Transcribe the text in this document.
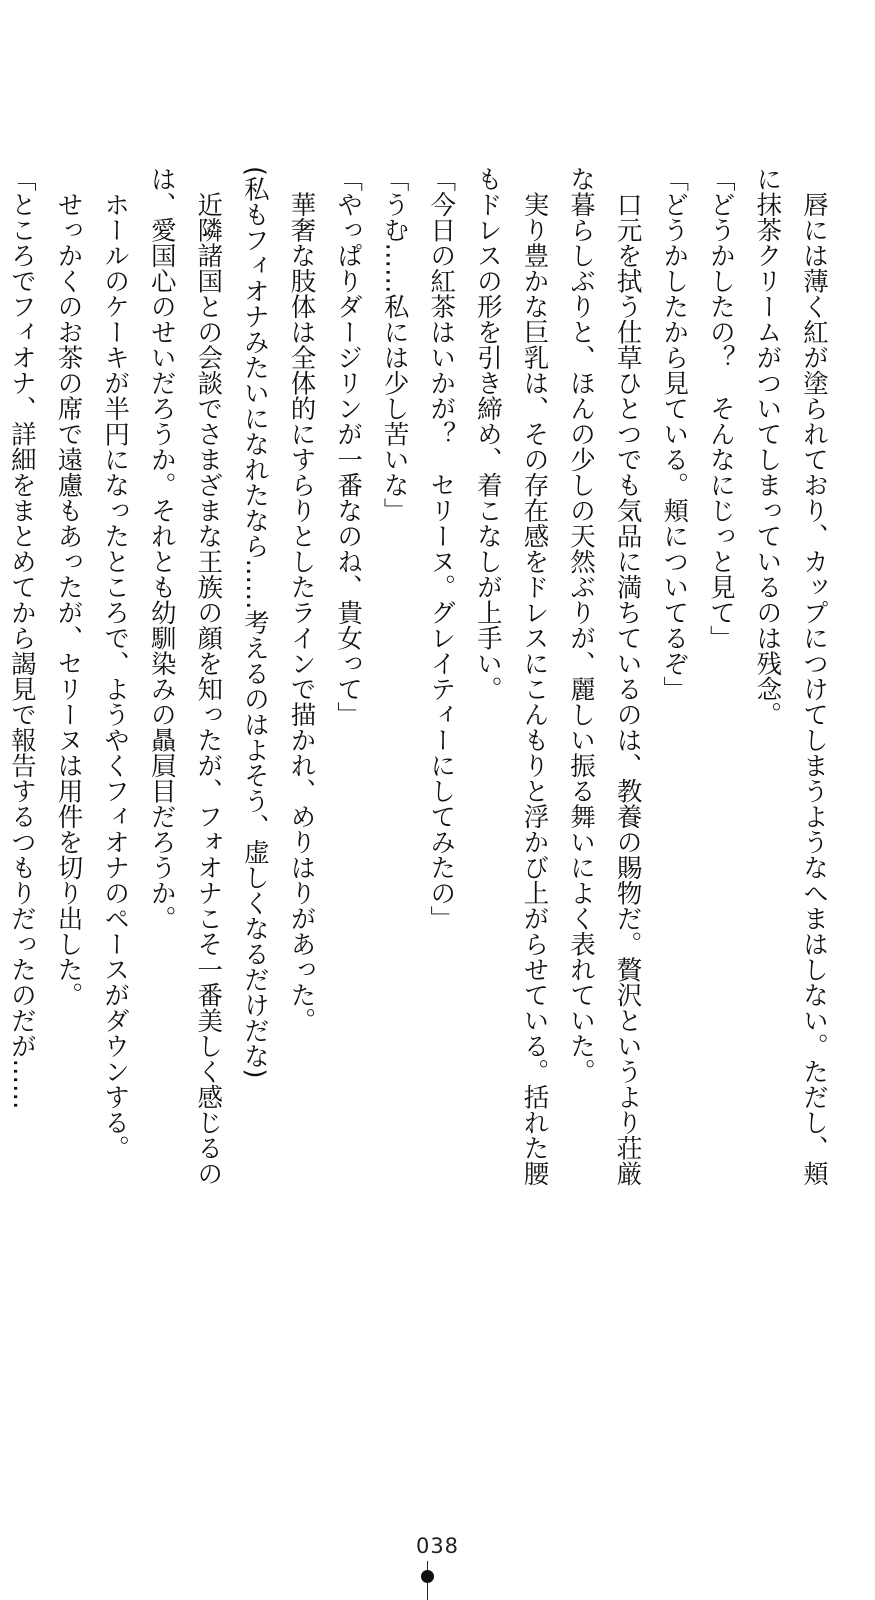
　唇には薄く紅が塗られており、カップにつけてしまうようなへまはしない。ただし、頬

に抹茶クリームがついてしまっているのは残念。

「どうかしたの？　そんなにじっと見て」

「どうかしたから見ている。頬についてるぞ」

　口元を拭う仕草ひとつでも気品に満ちているのは、教養の賜物だ。贅沢というより荘厳

な暮らしぶりと、ほんの少しの天然ぶりが、麗しい振る舞いによく表れていた。

　実り豊かな巨乳は、その存在感をドレスにこんもりと浮かび上がらせている。括れた腰

もドレスの形を引き締め、着こなしが上手い。

「今日の紅茶はいかが？　セリーヌ。グレイティーにしてみたの」

「うむ……私には少し苦いな」

「やっぱりダージリンが一番なのね、貴女って」

　華奢な肢体は全体的にすらりとしたラインで描かれ、めりはりがあった。

(私もフィオナみたいになれたなら……考えるのはよそう、虚しくなるだけだな)

　近隣諸国との会談でさまざまな王族の顔を知ったが、フォオナこそ一番美しく感じるの

は、愛国心のせいだろうか。それとも幼馴染みの贔屓目だろうか。

　ホールのケーキが半円になったところで、ようやくフィオナのペースがダウンする。

　せっかくのお茶の席で遠慮もあったが、セリーヌは用件を切り出した。

「ところでフィオナ、詳細をまとめてから謁見で報告するつもりだったのだが……

038
